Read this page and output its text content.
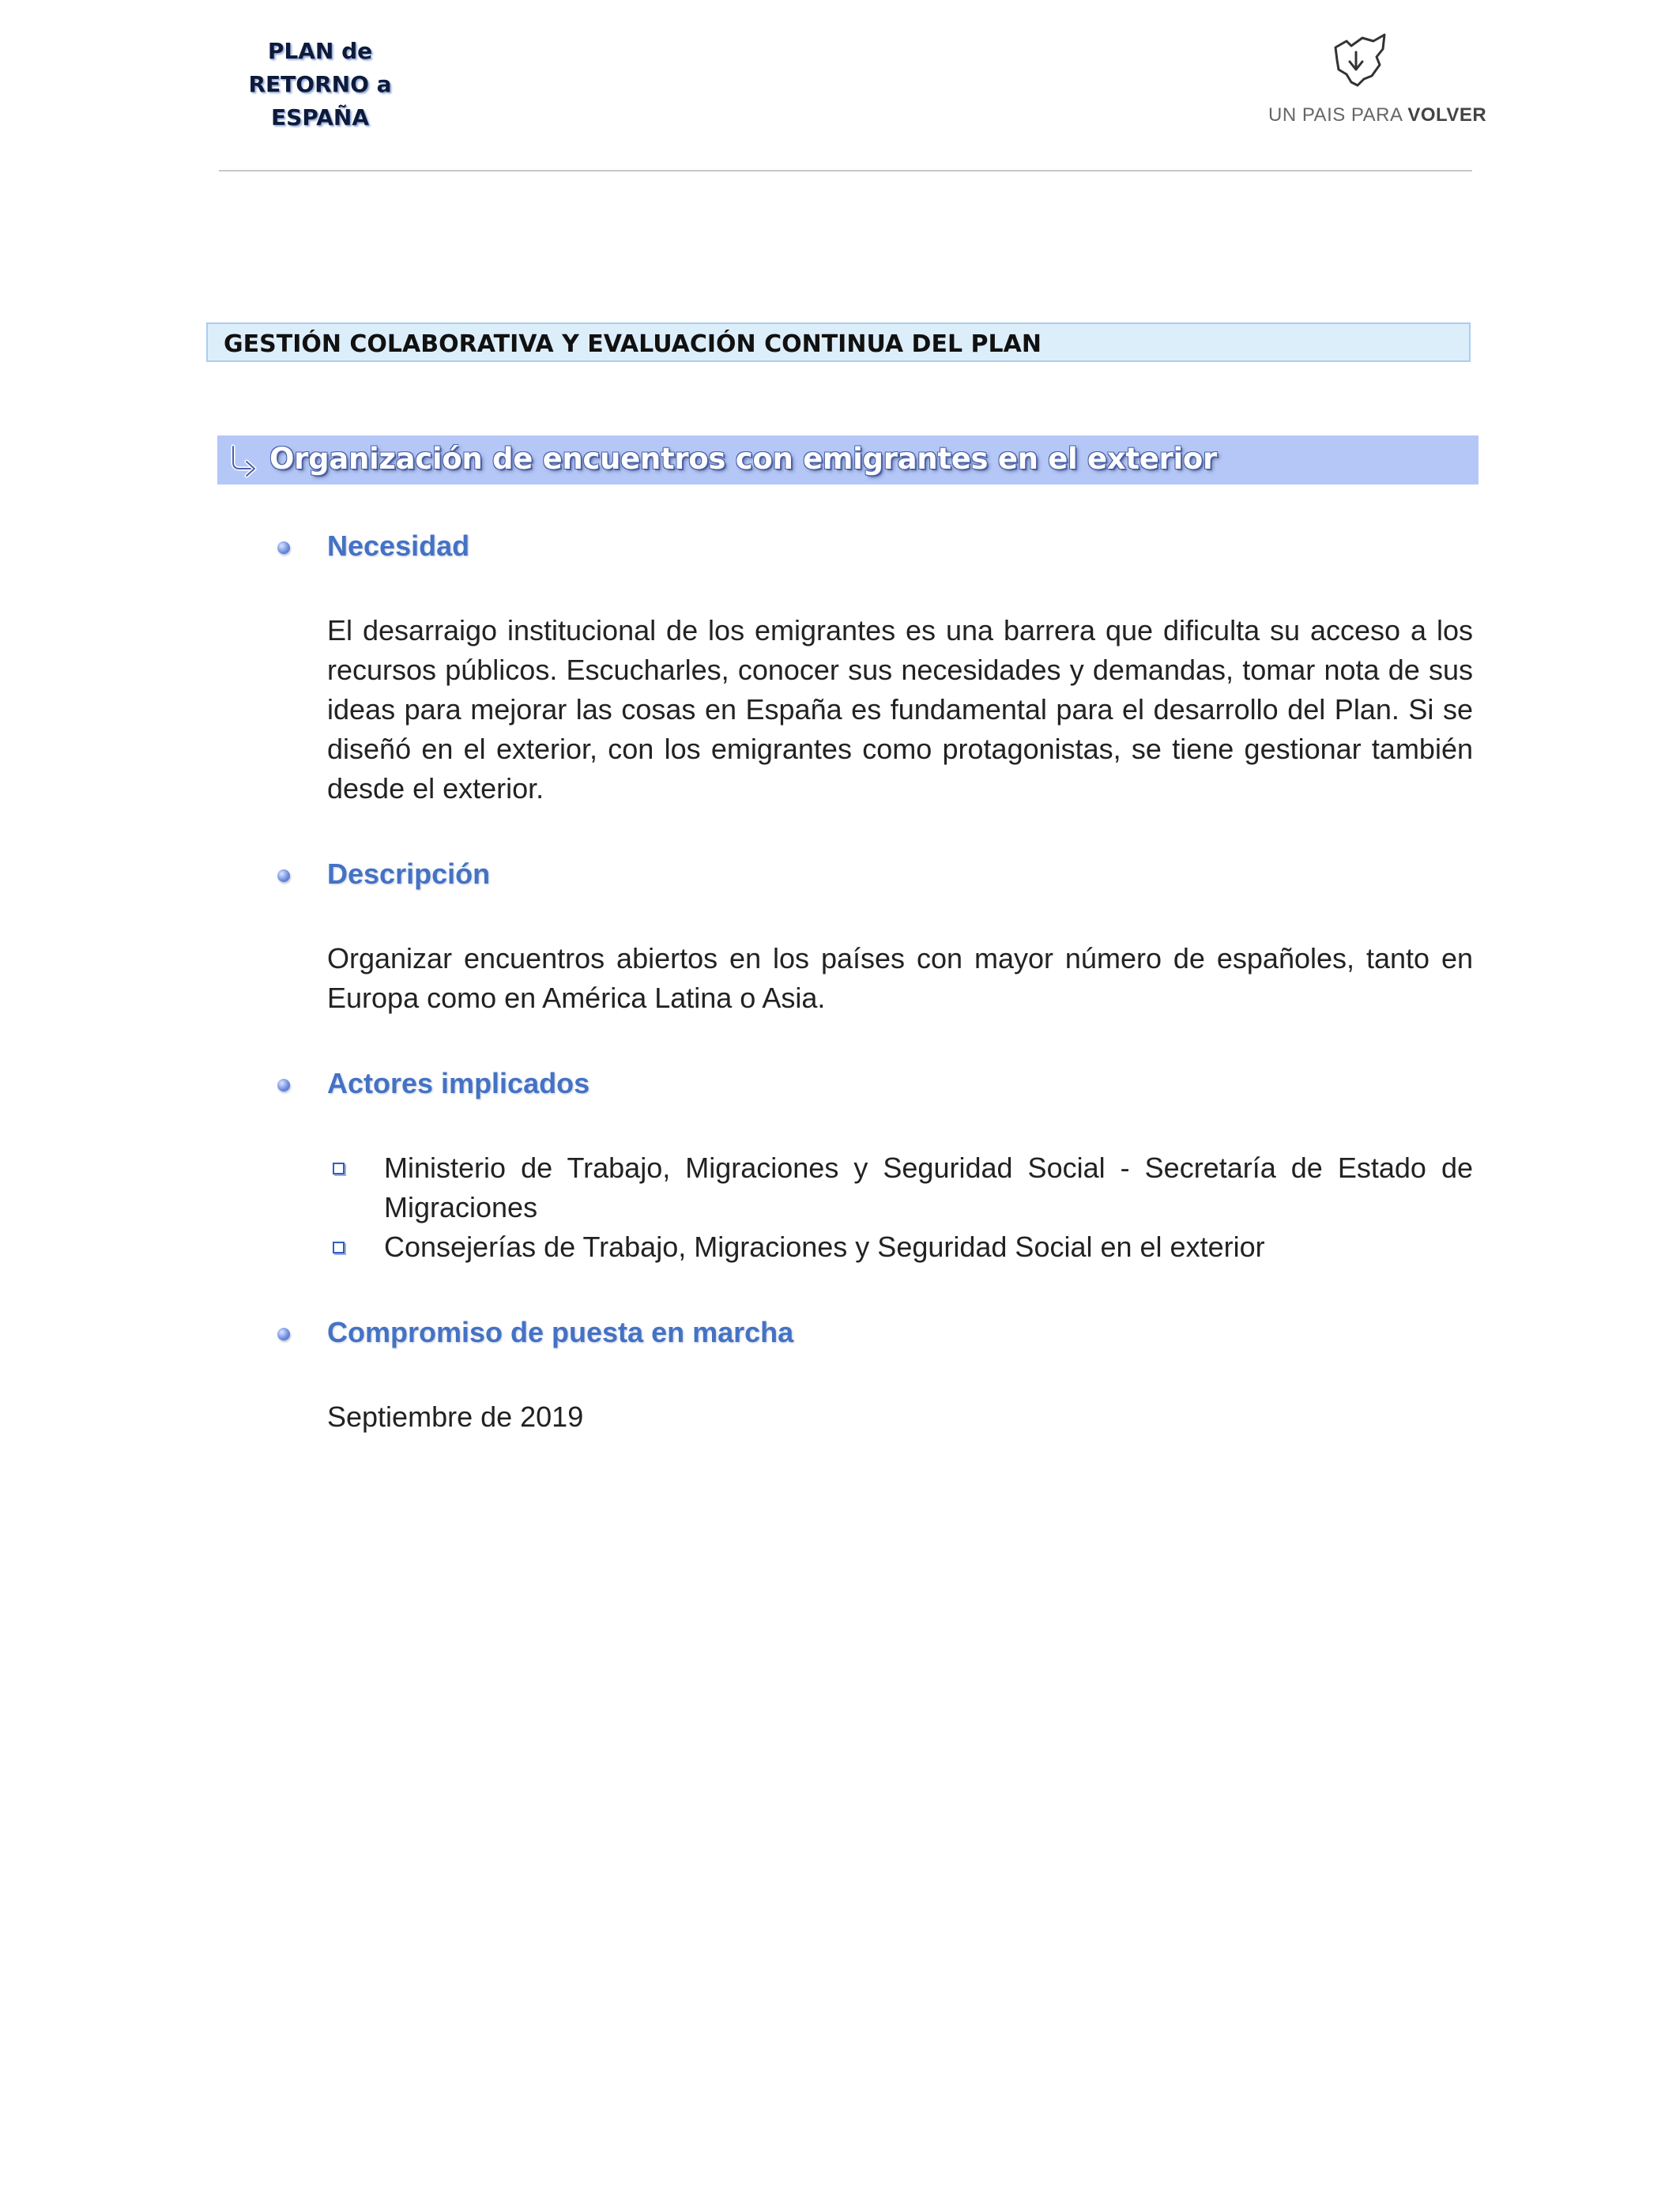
PLAN de
RETORNO a
ESPAÑA	UN PAIS PARA VOLVER
GESTIÓN COLABORATIVA Y EVALUACIÓN CONTINUA DEL PLAN
Organización de encuentros con emigrantes en el exterior
Necesidad

El desarraigo institucional de los emigrantes es una barrera que dificulta su acceso a los recursos públicos. Escucharles, conocer sus necesidades y demandas, tomar nota de sus ideas para mejorar las cosas en España es fundamental para el desarrollo del Plan. Si se diseñó en el exterior, con los emigrantes como protagonistas, se tiene gestionar también desde el exterior.

Descripción

Organizar encuentros abiertos en los países con mayor número de españoles, tanto en Europa como en América Latina o Asia.

Actores implicados

Ministerio de Trabajo, Migraciones y Seguridad Social - Secretaría de Estado de Migraciones

Consejerías de Trabajo, Migraciones y Seguridad Social en el exterior

Compromiso de puesta en marcha

Septiembre de 2019
